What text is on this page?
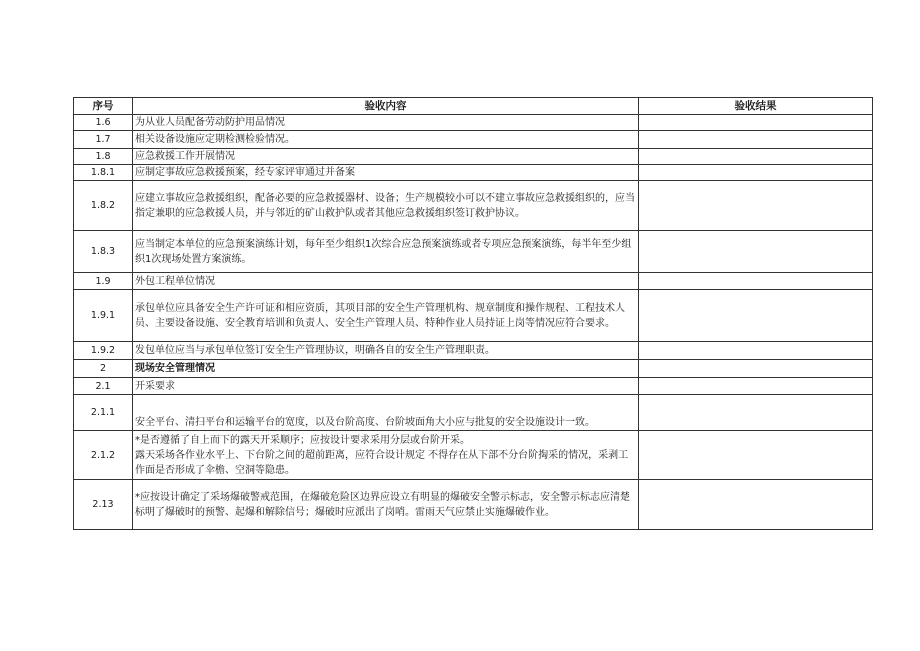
序号	验收内容	验收结果
1.6	为从业人员配备劳动防护用品情况	
1.7	相关设备设施应定期检测检验情况。	
1.8	应急救援工作开展情况	
1.8.1	应制定事故应急救援预案，经专家评审通过并备案	
1.8.2	应建立事故应急救援组织，配备必要的应急救援器材、设备；生产规模较小可以不建立事故应急救援组织的，应当指定兼职的应急救援人员，并与邻近的矿山救护队或者其他应急救援组织签订救护协议。	
1.8.3	应当制定本单位的应急预案演练计划，每年至少组织1次综合应急预案演练或者专项应急预案演练，每半年至少组织1次现场处置方案演练。	
1.9	外包工程单位情况	
1.9.1	承包单位应具备安全生产许可证和相应资质，其项目部的安全生产管理机构、规章制度和操作规程、工程技术人员、主要设备设施、安全教育培训和负责人、安全生产管理人员、特种作业人员持证上岗等情况应符合要求。	
1.9.2	发包单位应当与承包单位签订安全生产管理协议，明确各自的安全生产管理职责。	
2	现场安全管理情况	
2.1	开采要求	
2.1.1	安全平台、清扫平台和运输平台的宽度，以及台阶高度、台阶坡面角大小应与批复的安全设施设计一致。	
2.1.2	*是否遵循了自上而下的露天开采顺序；应按设计要求采用分层或台阶开采。
露天采场各作业水平上、下台阶之间的超前距离，应符合设计规定 不得存在从下部不分台阶掏采的情况，采剥工作面是否形成了伞檐、空洞等隐患。	

2.13	*应按设计确定了采场爆破警戒范围，在爆破危险区边界应设立有明显的爆破安全警示标志，安全警示标志应清楚标明了爆破时的预警、起爆和解除信号；爆破时应派出了岗哨。雷雨天气应禁止实施爆破作业。	
